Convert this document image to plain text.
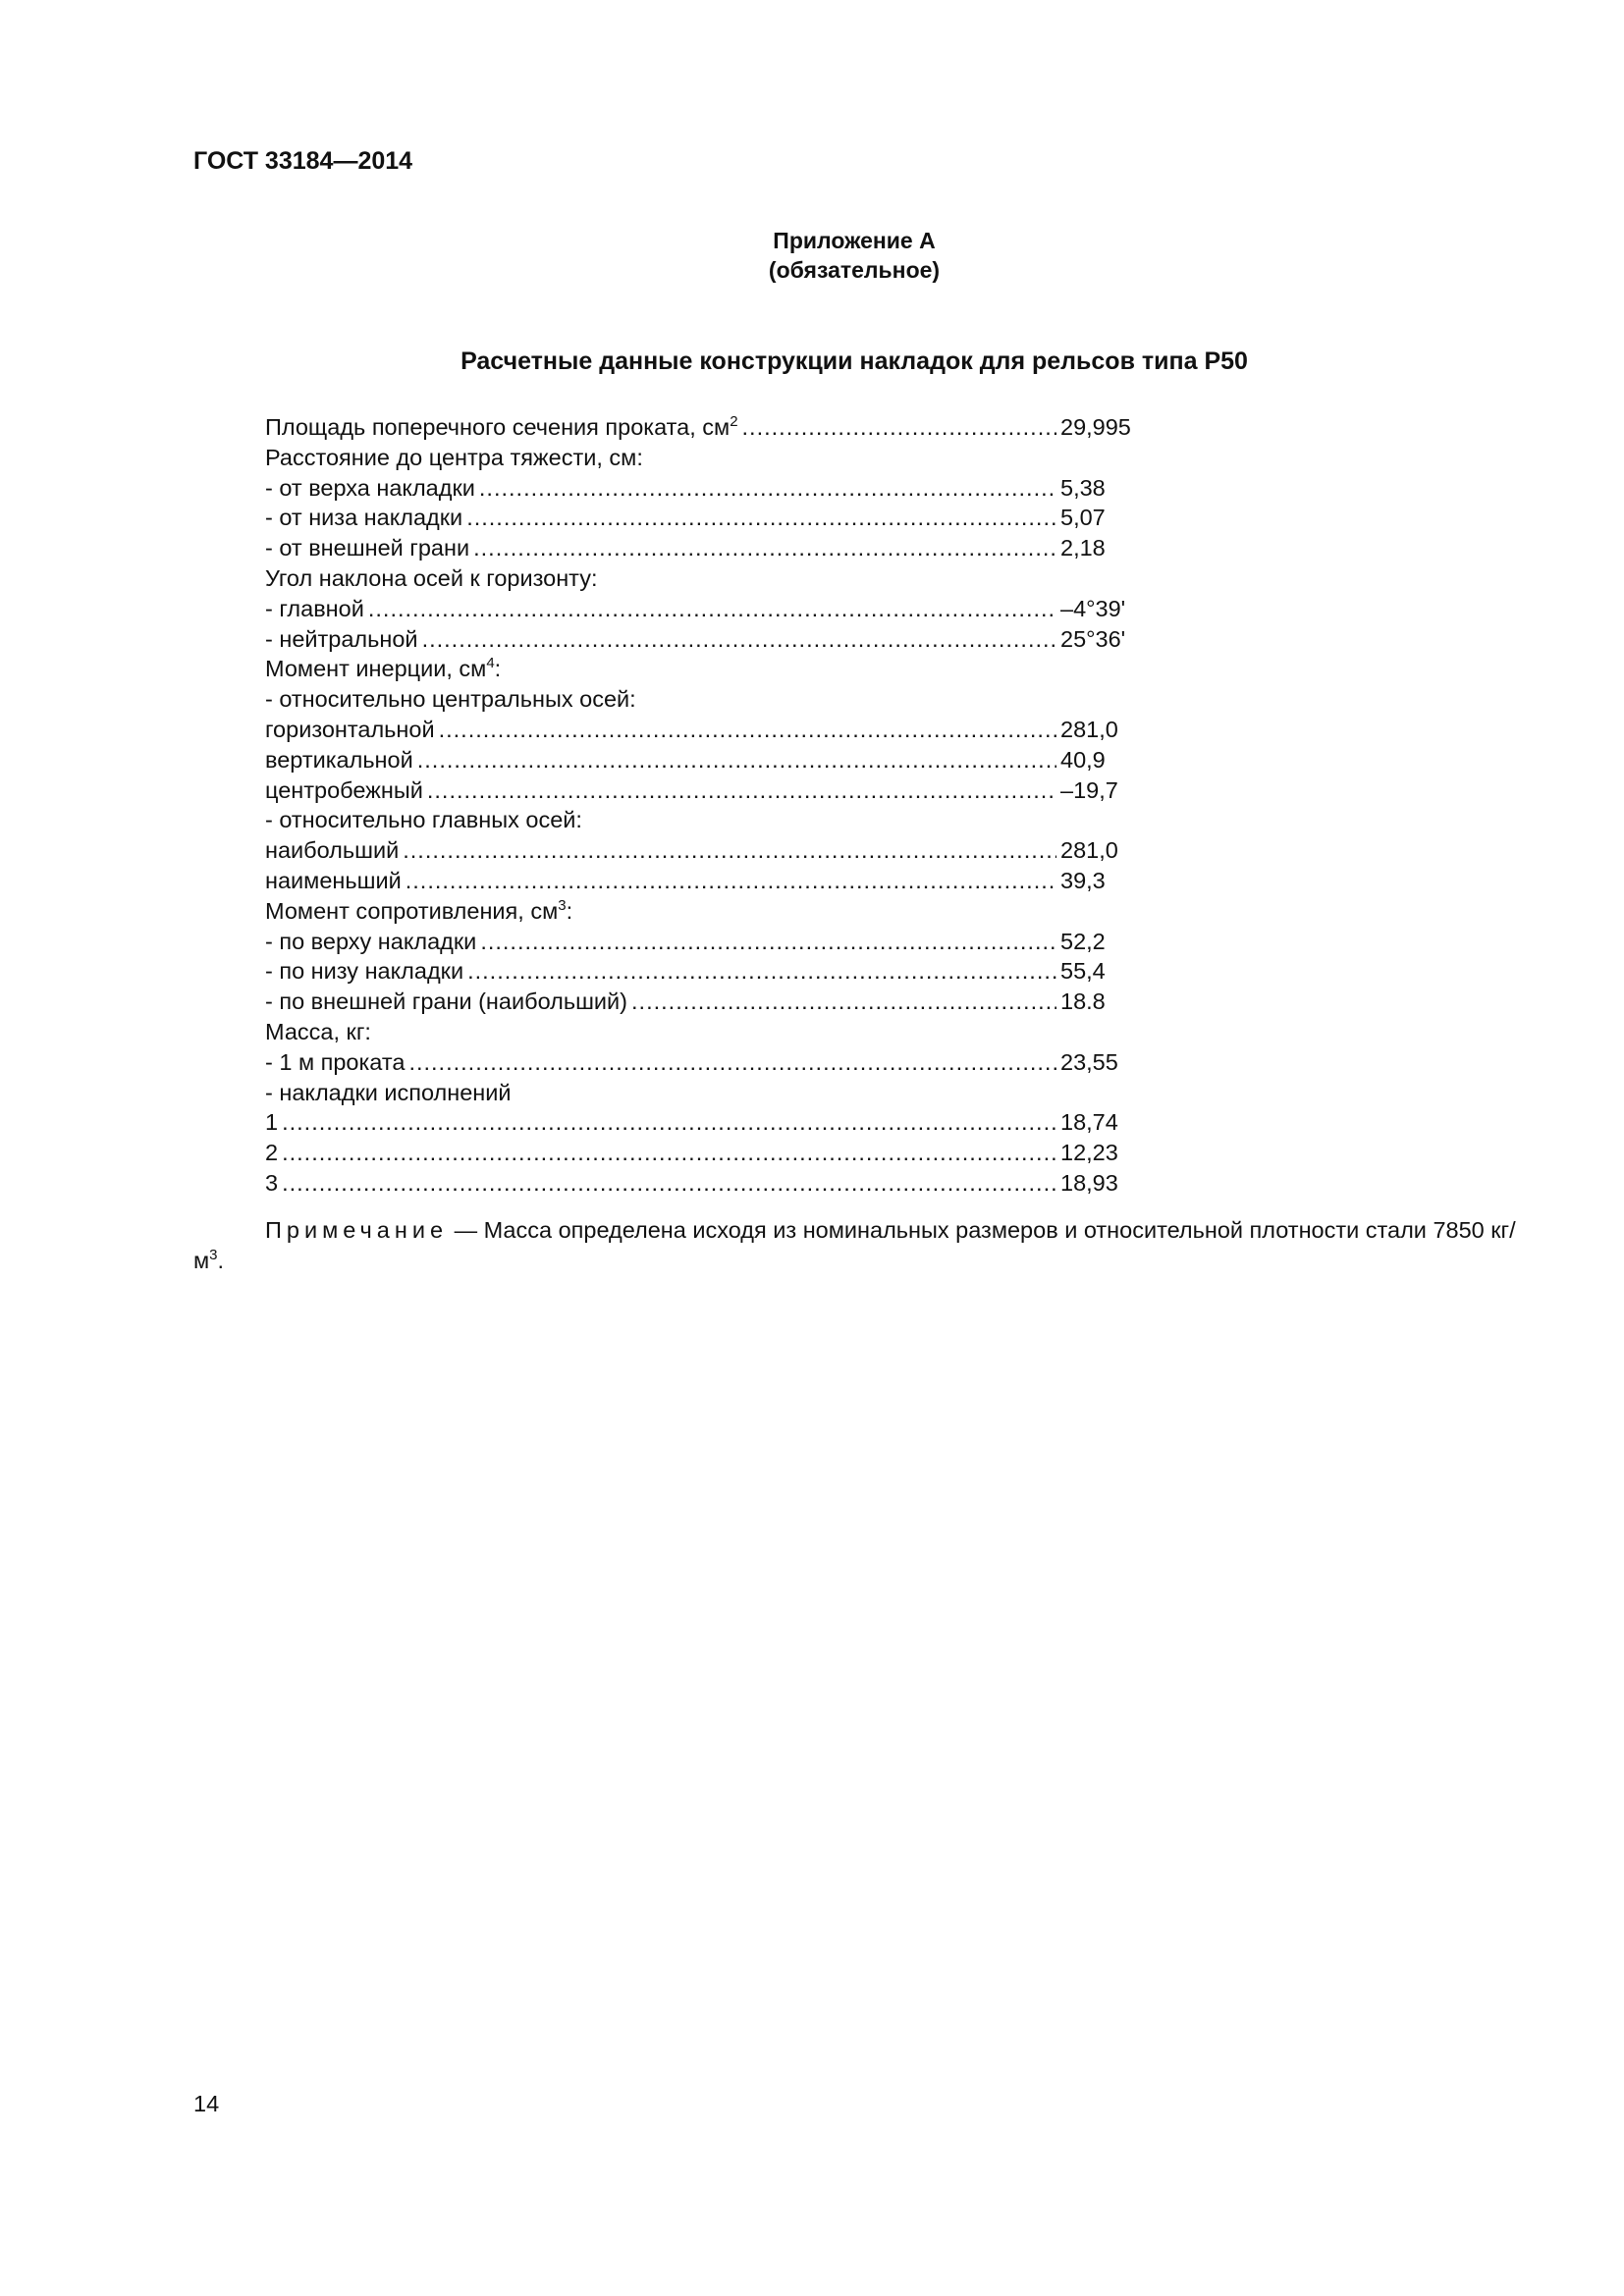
ГОСТ 33184—2014
Приложение А
(обязательное)
Расчетные данные конструкции накладок для рельсов типа Р50
Площадь поперечного сечения проката, $см^2$ .....	29,995
Расстояние до центра тяжести, см:
- от верха накладки .....	5,38
- от низа накладки .....	5,07
- от внешней грани .....	2,18
Угол наклона осей к горизонту:
- главной .....	–4°39'
- нейтральной .....	25°36'
Момент инерции, $см^4$:
- относительно центральных осей:
горизонтальной .....	281,0
вертикальной .....	40,9
центробежный .....	–19,7
- относительно главных осей:
наибольший .....	281,0
наименьший .....	39,3
Момент сопротивления, $см^3$:
- по верху накладки .....	52,2
- по низу накладки .....	55,4
- по внешней грани (наибольший) .....	18.8
Масса, кг:
- 1 м проката .....	23,55
- накладки исполнений
1 .....	18,74
2 .....	12,23
3 .....	18,93
Примечание — Масса определена исходя из номинальных размеров и относительной плотности стали 7850 $кг/м^3$.
14
